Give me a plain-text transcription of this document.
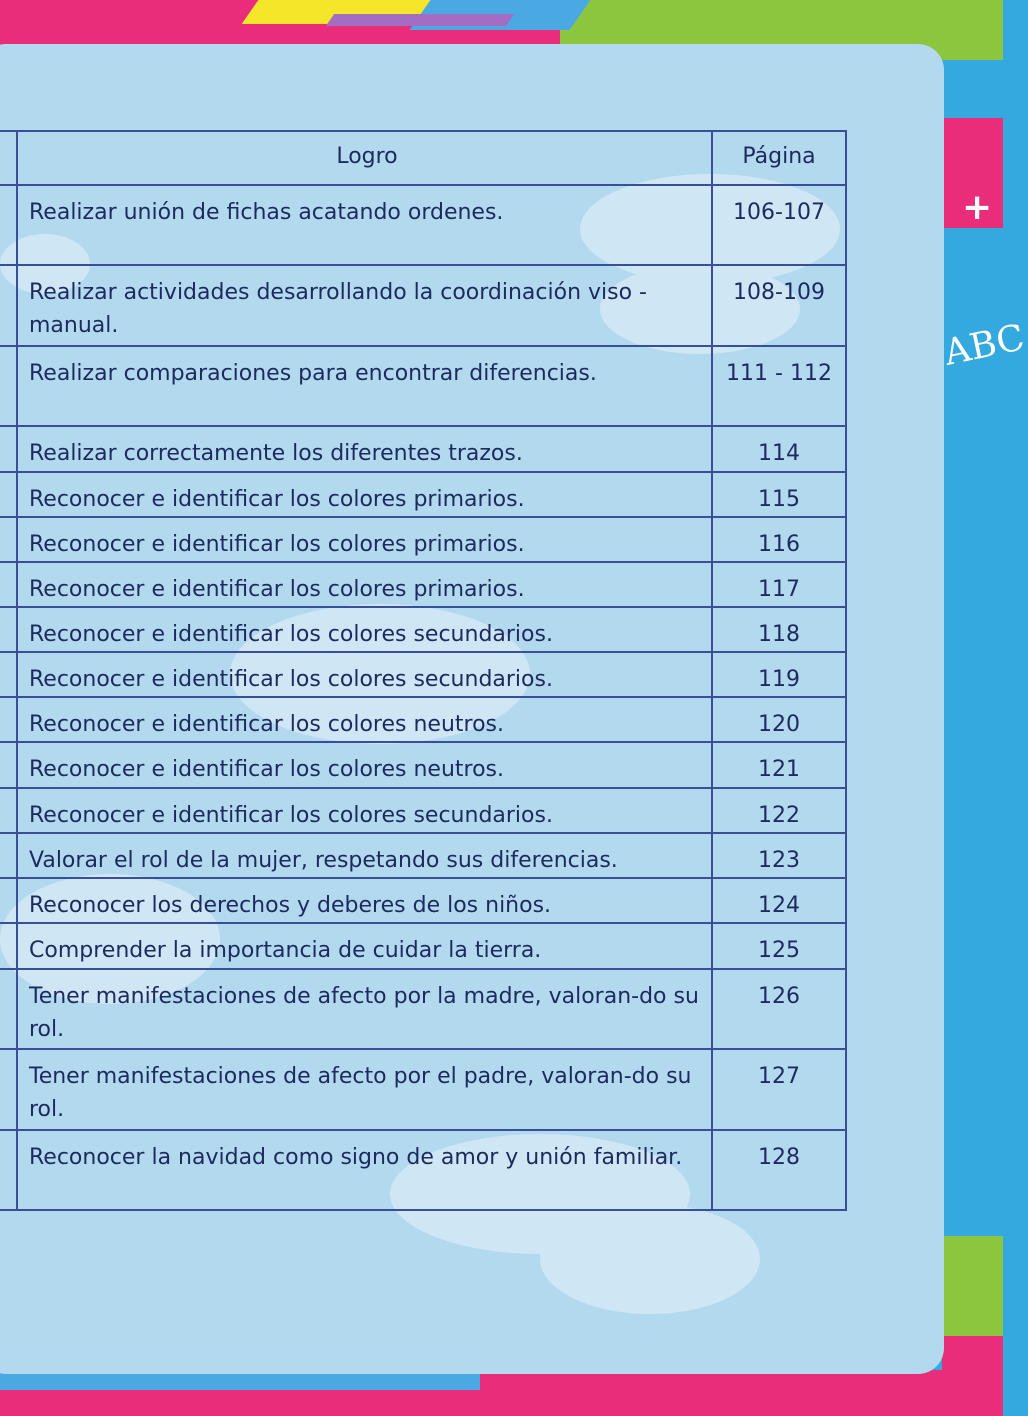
+
ABC
	Logro	Página
	Realizar unión de fichas acatando ordenes.	106-107
	Realizar actividades desarrollando la coordinación viso - manual.	108-109
	Realizar comparaciones para encontrar diferencias.	111 - 112
	Realizar correctamente los diferentes trazos.	114
	Reconocer e identificar los colores primarios.	115
	Reconocer e identificar los colores primarios.	116
	Reconocer e identificar los colores primarios.	117
	Reconocer e identificar los colores secundarios.	118
	Reconocer e identificar los colores secundarios.	119
	Reconocer e identificar los colores neutros.	120
	Reconocer e identificar los colores neutros.	121
	Reconocer e identificar los colores secundarios.	122
	Valorar el rol de la mujer, respetando sus diferencias.	123
	Reconocer los derechos y deberes de los niños.	124
	Comprender la importancia de cuidar la tierra.	125
	Tener manifestaciones de afecto por la madre, valoran-do su rol.	126
	Tener manifestaciones de afecto por el padre, valoran-do su rol.	127
	Reconocer la navidad como signo de amor y unión familiar.	128
